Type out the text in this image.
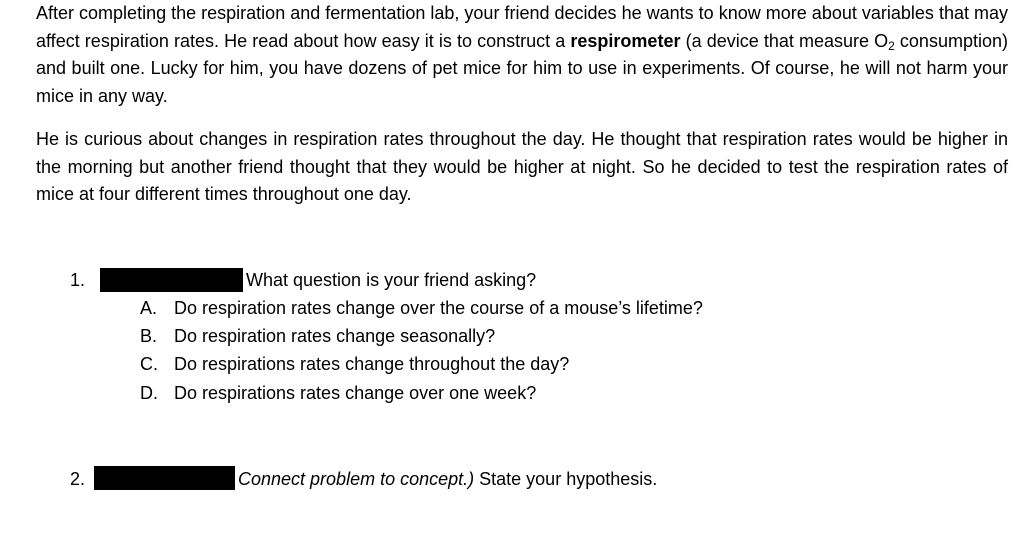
After completing the respiration and fermentation lab, your friend decides he wants to know more about variables that may affect respiration rates. He read about how easy it is to construct a respirometer (a device that measure $O_2$ consumption) and built one. Lucky for him, you have dozens of pet mice for him to use in experiments. Of course, he will not harm your mice in any way.
He is curious about changes in respiration rates throughout the day. He thought that respiration rates would be higher in the morning but another friend thought that they would be higher at night. So he decided to test the respiration rates of mice at four different times throughout one day.
1.	What question is your friend asking?
A. Do respiration rates change over the course of a mouse’s lifetime?
B. Do respiration rates change seasonally?
C. Do respirations rates change throughout the day?
D. Do respirations rates change over one week?
2.	Connect problem to concept.) State your hypothesis.
